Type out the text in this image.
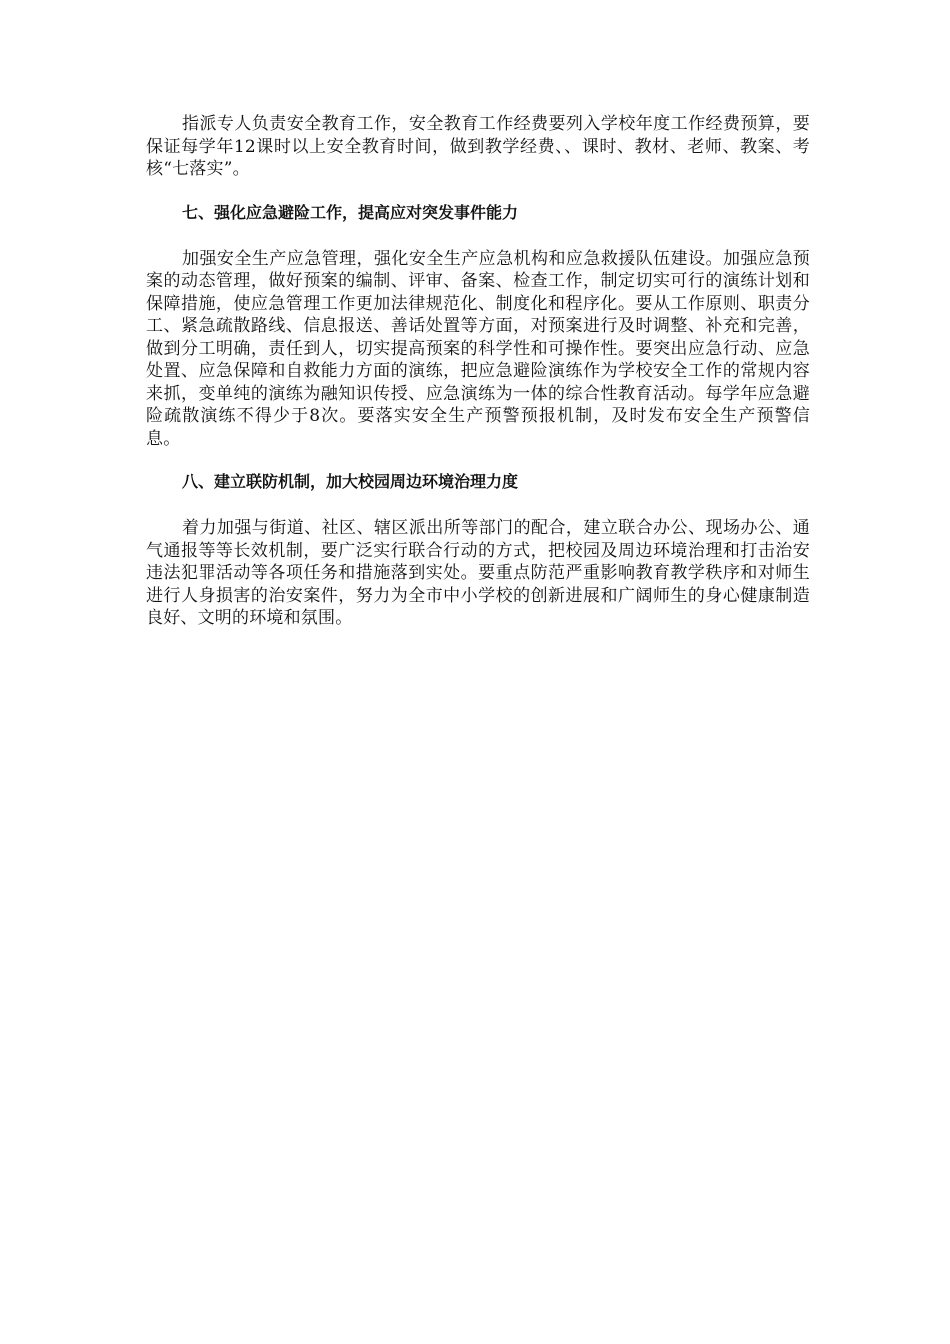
指派专人负责安全教育工作，安全教育工作经费要列入学校年度工作经费预算，要保证每学年12课时以上安全教育时间，做到教学经费、、课时、教材、老师、教案、考核“七落实”。

七、强化应急避险工作，提高应对突发事件能力

加强安全生产应急管理，强化安全生产应急机构和应急救援队伍建设。加强应急预案的动态管理，做好预案的编制、评审、备案、检查工作，制定切实可行的演练计划和保障措施，使应急管理工作更加法律规范化、制度化和程序化。要从工作原则、职责分工、紧急疏散路线、信息报送、善话处置等方面，对预案进行及时调整、补充和完善，做到分工明确，责任到人，切实提高预案的科学性和可操作性。要突出应急行动、应急处置、应急保障和自救能力方面的演练，把应急避险演练作为学校安全工作的常规内容来抓，变单纯的演练为融知识传授、应急演练为一体的综合性教育活动。每学年应急避险疏散演练不得少于8次。要落实安全生产预警预报机制，及时发布安全生产预警信息。

八、建立联防机制，加大校园周边环境治理力度

着力加强与街道、社区、辖区派出所等部门的配合，建立联合办公、现场办公、通气通报等等长效机制，要广泛实行联合行动的方式，把校园及周边环境治理和打击治安违法犯罪活动等各项任务和措施落到实处。要重点防范严重影响教育教学秩序和对师生进行人身损害的治安案件，努力为全市中小学校的创新进展和广阔师生的身心健康制造良好、文明的环境和氛围。
